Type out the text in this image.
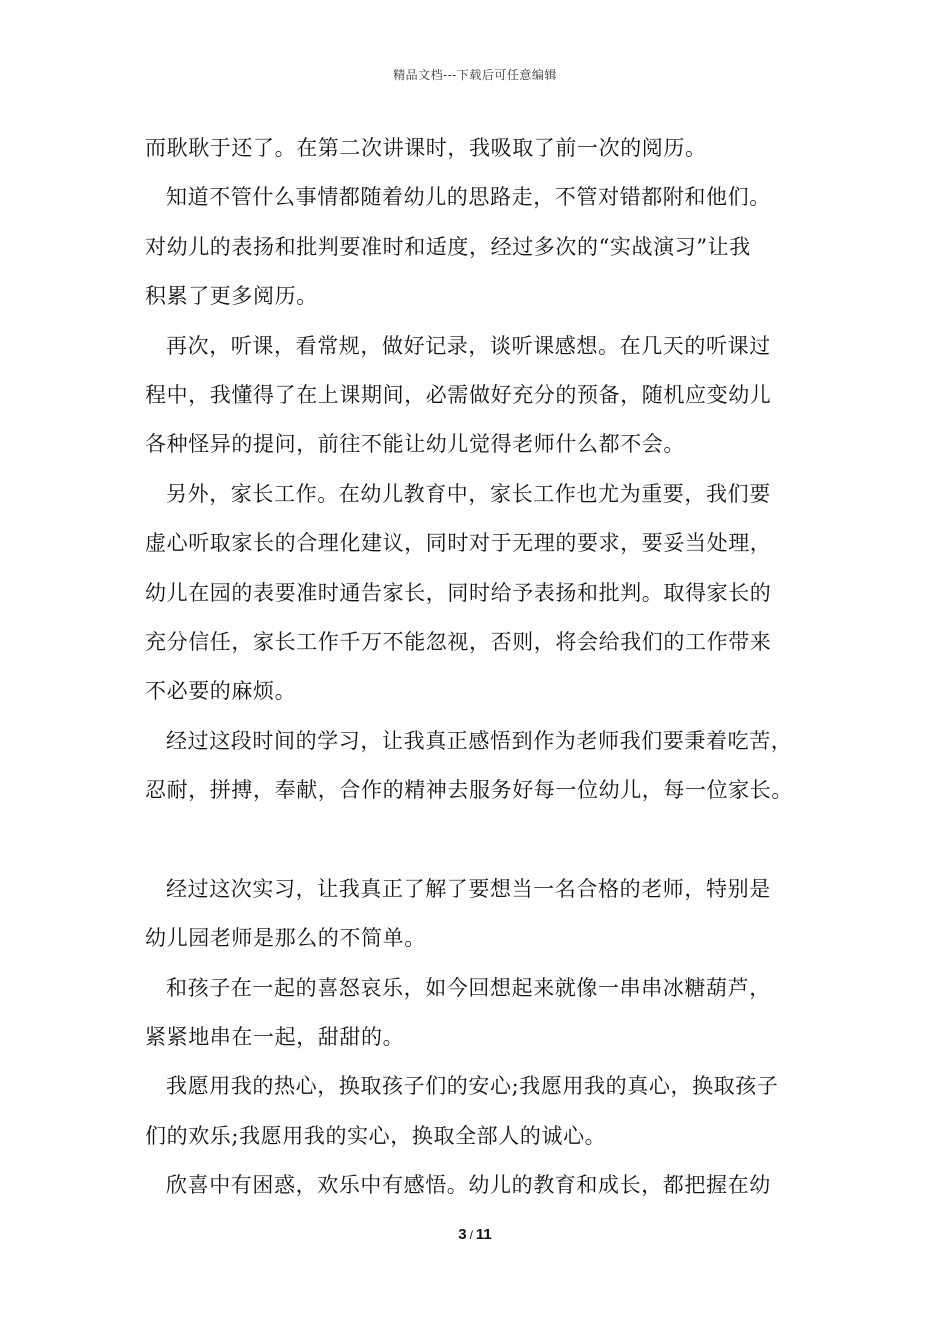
精品文档---下载后可任意编辑
而耿耿于还了。在第二次讲课时，我吸取了前一次的阅历。
知道不管什么事情都随着幼儿的思路走，不管对错都附和他们。
对幼儿的表扬和批判要准时和适度，经过多次的“实战演习”让我
积累了更多阅历。
再次，听课，看常规，做好记录，谈听课感想。在几天的听课过
程中，我懂得了在上课期间，必需做好充分的预备，随机应变幼儿
各种怪异的提问，前往不能让幼儿觉得老师什么都不会。
另外，家长工作。在幼儿教育中，家长工作也尤为重要，我们要
虚心听取家长的合理化建议，同时对于无理的要求，要妥当处理，
幼儿在园的表要准时通告家长，同时给予表扬和批判。取得家长的
充分信任，家长工作千万不能忽视，否则，将会给我们的工作带来
不必要的麻烦。
经过这段时间的学习，让我真正感悟到作为老师我们要秉着吃苦，
忍耐，拼搏，奉献，合作的精神去服务好每一位幼儿，每一位家长。
经过这次实习，让我真正了解了要想当一名合格的老师，特别是
幼儿园老师是那么的不简单。
和孩子在一起的喜怒哀乐，如今回想起来就像一串串冰糖葫芦，
紧紧地串在一起，甜甜的。
我愿用我的热心，换取孩子们的安心;我愿用我的真心，换取孩子
们的欢乐;我愿用我的实心，换取全部人的诚心。
欣喜中有困惑，欢乐中有感悟。幼儿的教育和成长，都把握在幼
3 / 11
